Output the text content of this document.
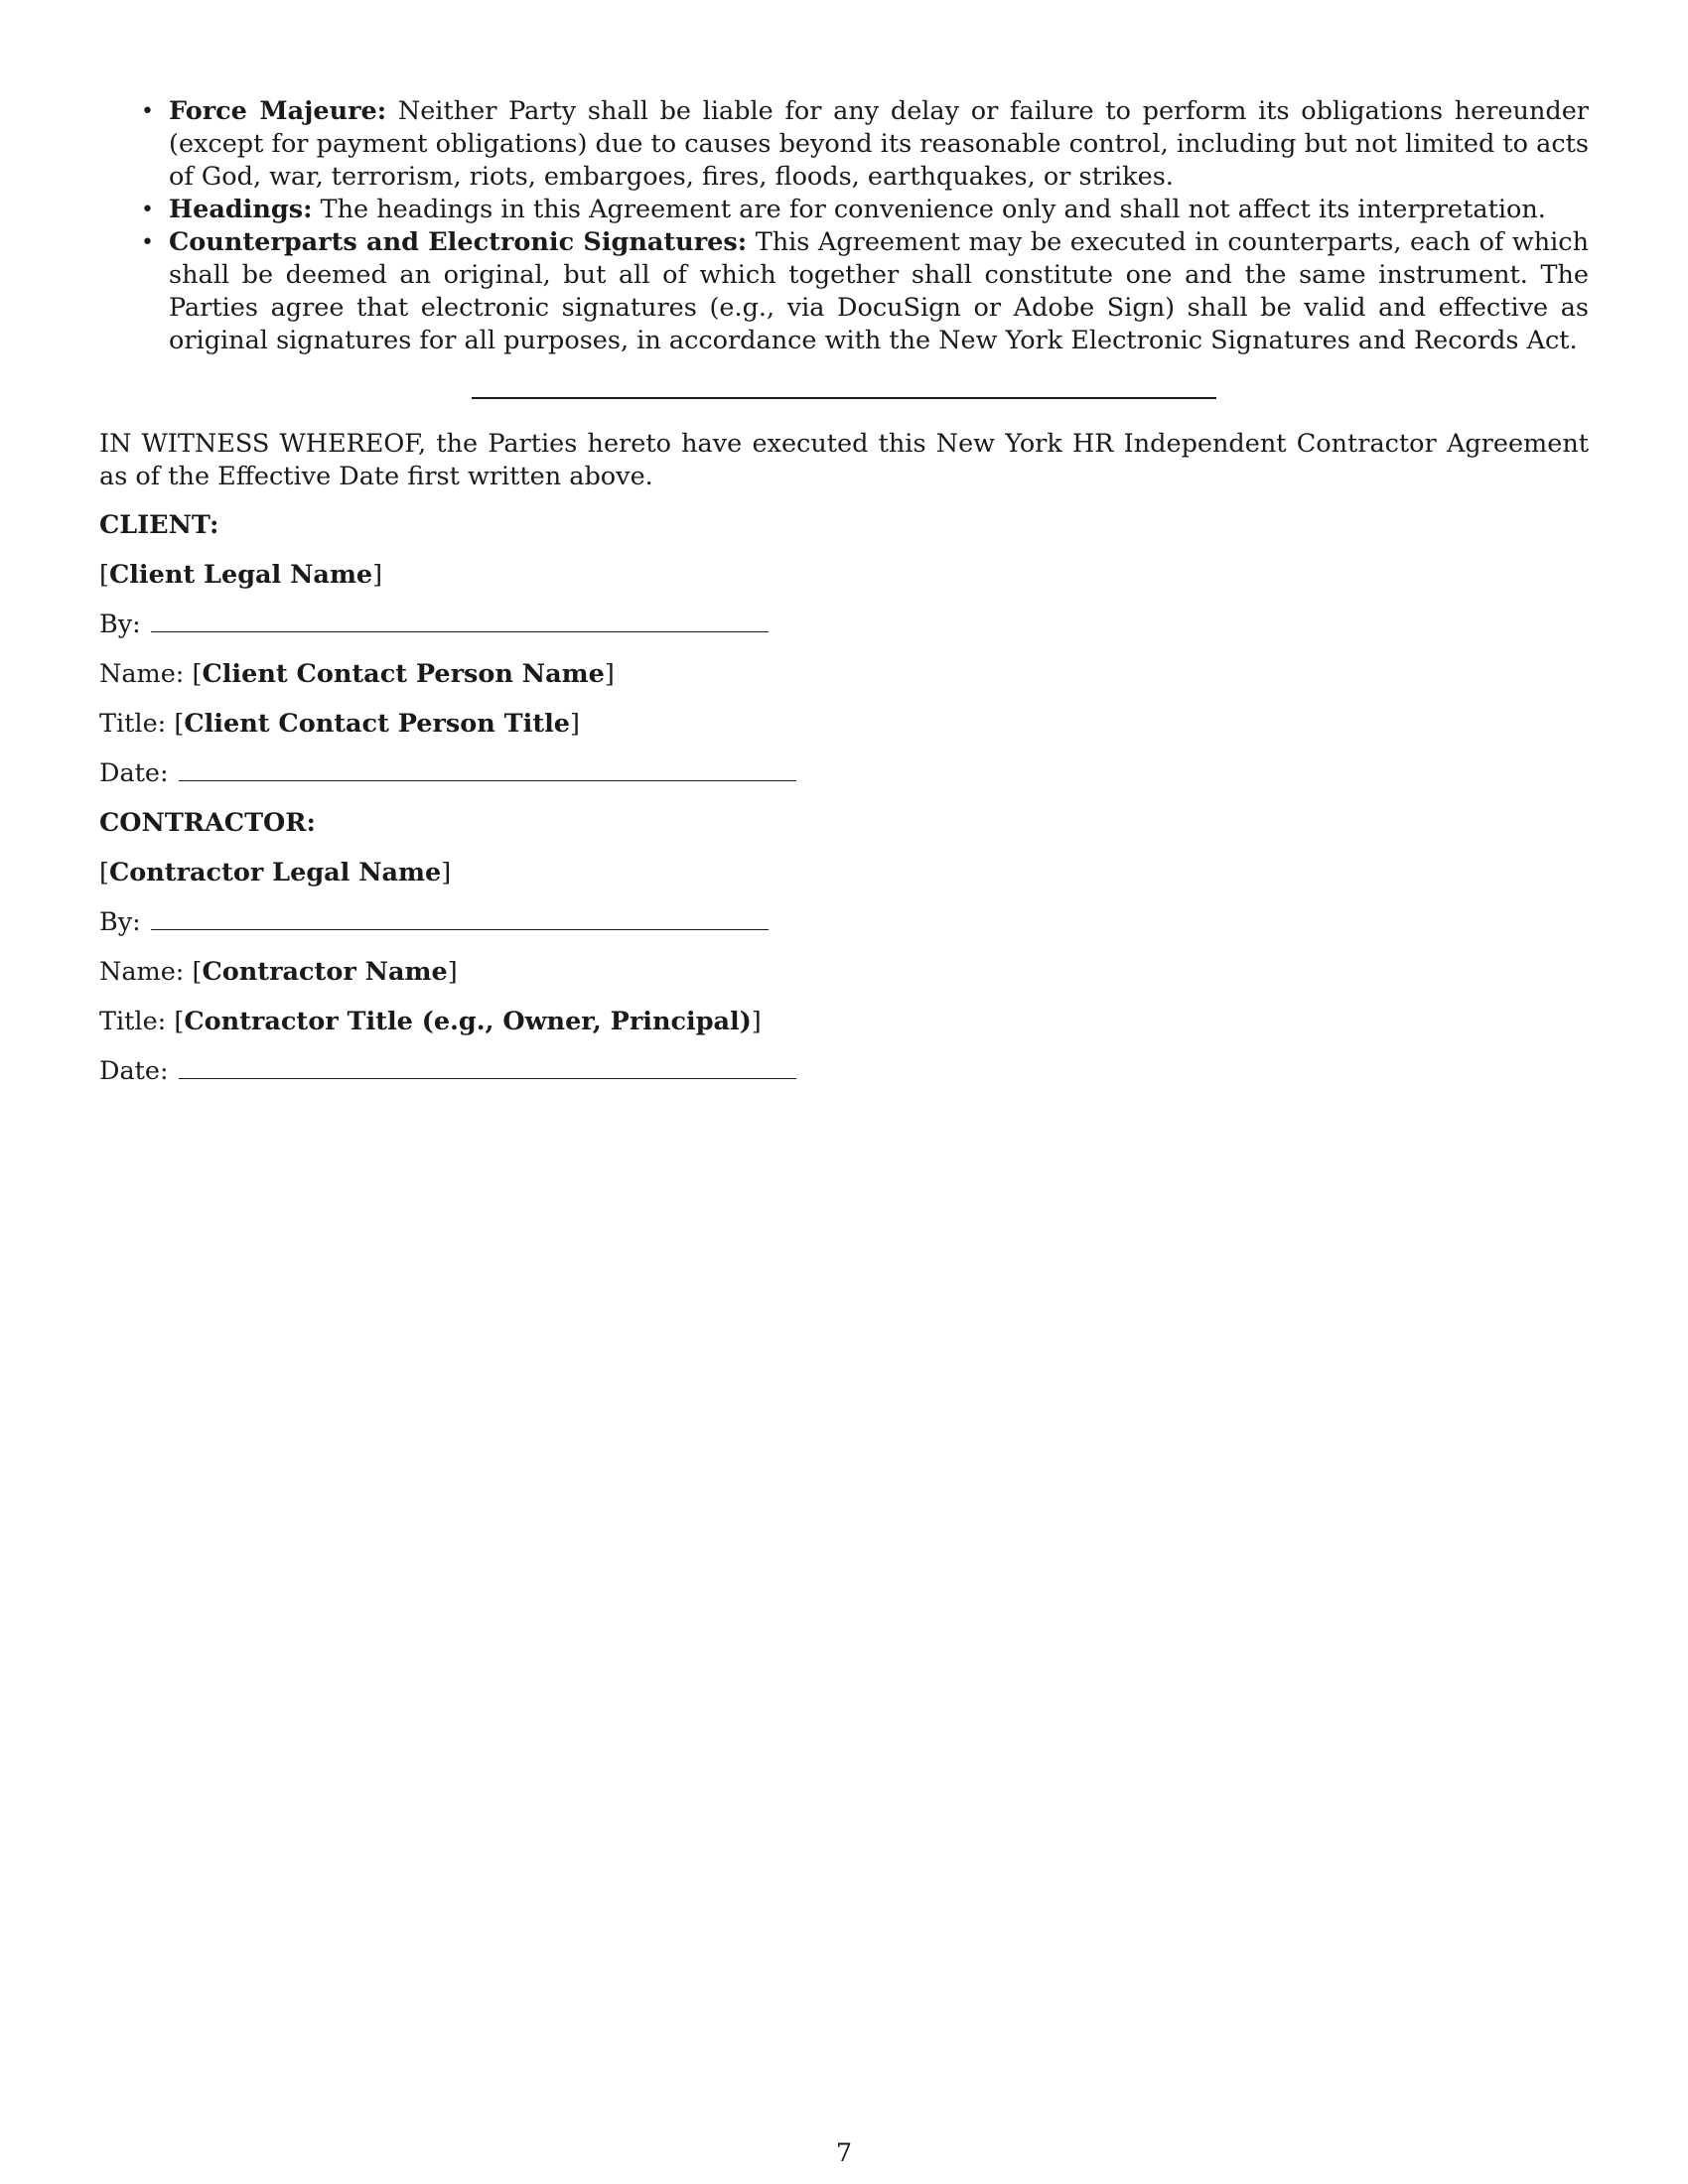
• Force Majeure: Neither Party shall be liable for any delay or failure to perform its obligations hereunder (except for payment obligations) due to causes beyond its reasonable control, including but not limited to acts of God, war, terrorism, riots, embargoes, fires, floods, earthquakes, or strikes.
• Headings: The headings in this Agreement are for convenience only and shall not affect its interpretation.
• Counterparts and Electronic Signatures: This Agreement may be executed in counterparts, each of which shall be deemed an original, but all of which together shall constitute one and the same instrument. The Parties agree that electronic signatures (e.g., via DocuSign or Adobe Sign) shall be valid and effective as original signatures for all purposes, in accordance with the New York Electronic Signatures and Records Act.

IN WITNESS WHEREOF, the Parties hereto have executed this New York HR Independent Contractor Agreement as of the Effective Date first written above.

CLIENT:
[Client Legal Name]
By:
Name: [Client Contact Person Name]
Title: [Client Contact Person Title]
Date:
CONTRACTOR:
[Contractor Legal Name]
By:
Name: [Contractor Name]
Title: [Contractor Title (e.g., Owner, Principal)]
Date:
7
